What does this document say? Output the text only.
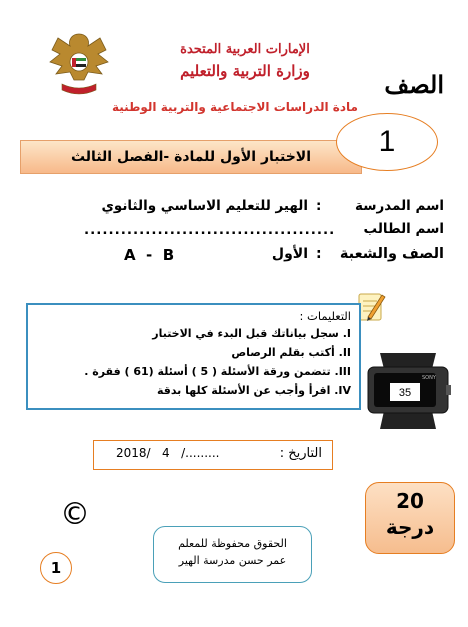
الإمارات العربية المتحدة
وزارة التربية والتعليم	الصف
مادة الدراسات الاجتماعية والتربية الوطنية
الاختبار الأول للمادة -الفصل الثالث	1
اسم المدرسة
:
الهير للتعليم الاساسي والثانوي
اسم الطالب
.........................................
الصف والشعبة
:
الأول
A  -  B
التعليمات :
I. سجل بياناتك قبل البدء في الاختبار
II. أكتب بقلم الرصاص
III. تتضمن ورقة الأسئلة ( 5 ) أسئلة (61 ) فقرة .
IV. اقرأ وأجب عن الأسئلة كلها بدقة
SONY
35
التاريخ :
2018/   4   /.........
20
درجة
©
الحقوق محفوظة للمعلم
عمر حسن مدرسة الهير
1
